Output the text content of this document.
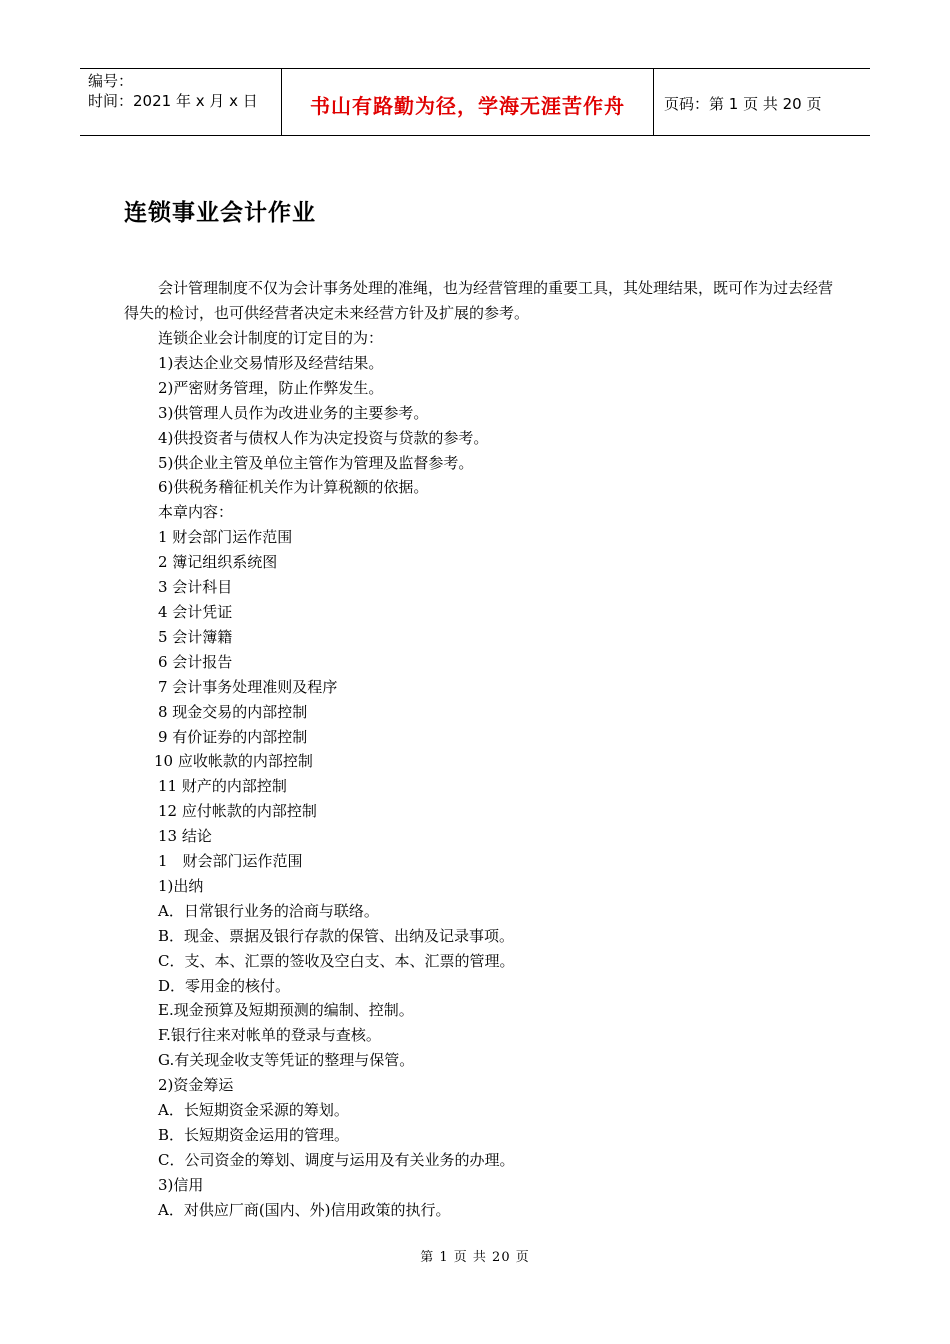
编号：
时间：2021 年 x 月 x 日	书山有路勤为径，学海无涯苦作舟	页码：第 1 页 共 20 页
连锁事业会计作业

会计管理制度不仅为会计事务处理的准绳，也为经营管理的重要工具，其处理结果，既可作为过去经营得失的检讨，也可供经营者决定未来经营方针及扩展的参考。

连锁企业会计制度的订定目的为：
1)表达企业交易情形及经营结果。
2)严密财务管理，防止作弊发生。
3)供管理人员作为改进业务的主要参考。
4)供投资者与债权人作为决定投资与贷款的参考。
5)供企业主管及单位主管作为管理及监督参考。
6)供税务稽征机关作为计算税额的依据。
本章内容：
1 财会部门运作范围
2 簿记组织系统图
3 会计科目
4 会计凭证
5 会计簿籍
6 会计报告
7 会计事务处理准则及程序
8 现金交易的内部控制
9 有价证券的内部控制
10 应收帐款的内部控制
11 财产的内部控制
12 应付帐款的内部控制
13 结论
1　财会部门运作范围
1)出纳
A．日常银行业务的洽商与联络。
B．现金、票据及银行存款的保管、出纳及记录事项。
C．支、本、汇票的签收及空白支、本、汇票的管理。
D．零用金的核付。
E.现金预算及短期预测的编制、控制。
F.银行往来对帐单的登录与查核。
G.有关现金收支等凭证的整理与保管。
2)资金筹运
A．长短期资金采源的筹划。
B．长短期资金运用的管理。
C．公司资金的筹划、调度与运用及有关业务的办理。
3)信用
A．对供应厂商(国内、外)信用政策的执行。
第 1 页 共 20 页
